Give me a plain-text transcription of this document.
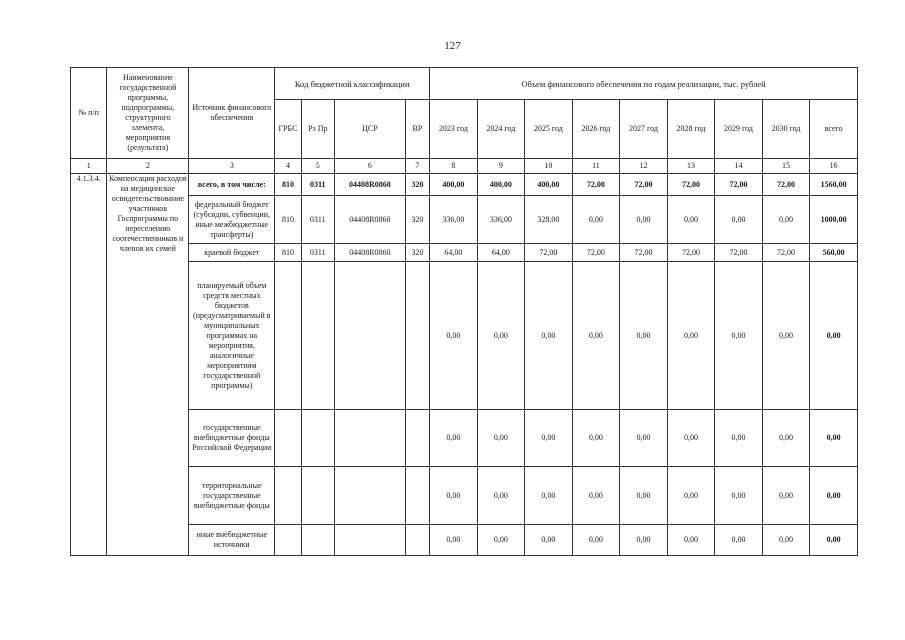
127
№ п/п	Наименование государственной программы, подпрограммы, структурного элемента, мероприятия (результата)	Источник финансового обеспечения	Код бюджетной классификации				Объем финансового обеспечения по годам реализации, тыс. рублей								
			ГРБС	Рз Пр	ЦСР	ВР	2023 год	2024 год	2025 год	2026 год	2027 год	2028 год	2029 год	2030 год	всего
1	2	3	4	5	6	7	8	9	10	11	12	13	14	15	16
4.1.3.4.	Компенсация расходов на медицинское освидетельствование участников Госпрограммы по переселению соотечественников и членов их семей	всего, в том числе:	810	0311	04408R0860	320	400,00	400,00	400,00	72,00	72,00	72,00	72,00	72,00	1560,00
		федеральный бюджет (субсидии, субвенции, иные межбюджетные трансферты)	810	0311	04408R0860	320	336,00	336,00	328,00	0,00	0,00	0,00	0,00	0,00	1000,00
		краевой бюджет	810	0311	04408R0860	320	64,00	64,00	72,00	72,00	72,00	72,00	72,00	72,00	560,00
		планируемый объем средств местных бюджетов (предусматриваемый в муниципальных программах на мероприятия, аналогичные мероприятиям государственной программы)					0,00	0,00	0,00	0,00	0,00	0,00	0,00	0,00	0,00
		государственные внебюджетные фонды Российской Федерации					0,00	0,00	0,00	0,00	0,00	0,00	0,00	0,00	0,00
		территориальные государственные внебюджетные фонды					0,00	0,00	0,00	0,00	0,00	0,00	0,00	0,00	0,00
		иные внебюджетные источники					0,00	0,00	0,00	0,00	0,00	0,00	0,00	0,00	0,00
